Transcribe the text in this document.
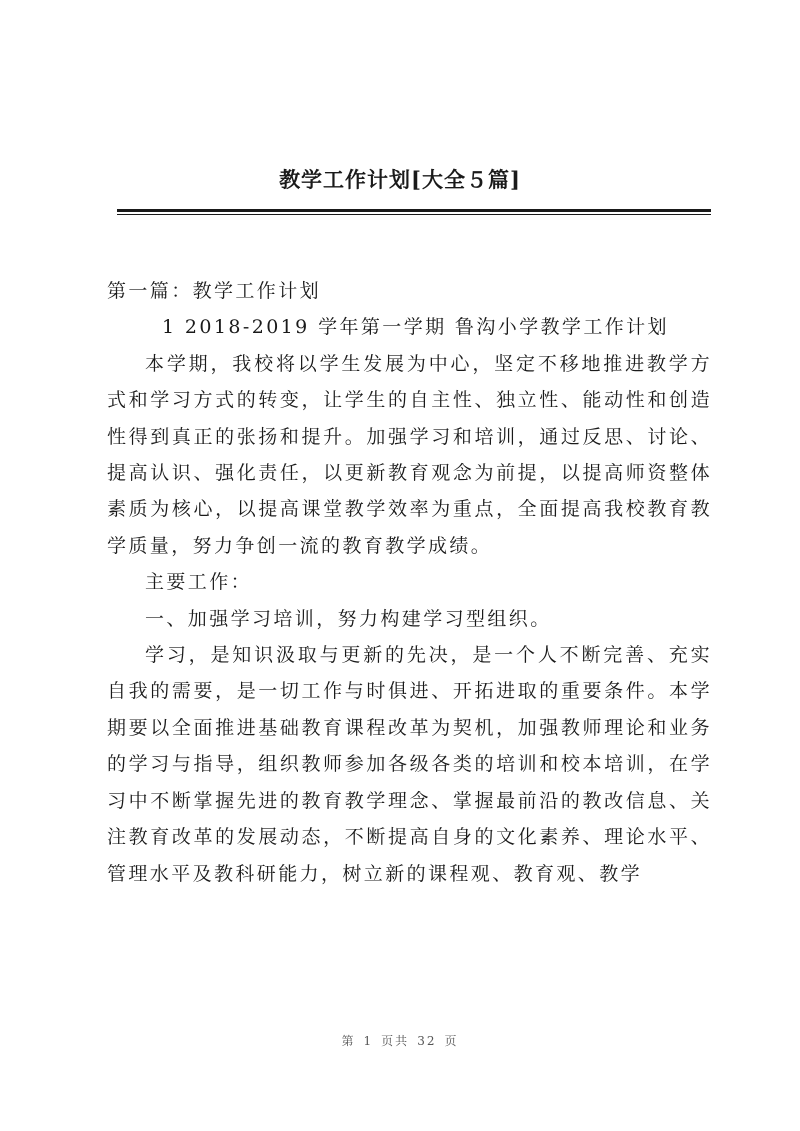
教学工作计划[大全５篇]

第一篇：教学工作计划

1 2018-2019 学年第一学期 鲁沟小学教学工作计划

本学期，我校将以学生发展为中心，坚定不移地推进教学方式和学习方式的转变，让学生的自主性、独立性、能动性和创造性得到真正的张扬和提升。加强学习和培训，通过反思、讨论、提高认识、强化责任，以更新教育观念为前提，以提高师资整体素质为核心，以提高课堂教学效率为重点，全面提高我校教育教学质量，努力争创一流的教育教学成绩。

主要工作：

一、加强学习培训，努力构建学习型组织。

学习，是知识汲取与更新的先决，是一个人不断完善、充实自我的需要，是一切工作与时俱进、开拓进取的重要条件。本学期要以全面推进基础教育课程改革为契机，加强教师理论和业务的学习与指导，组织教师参加各级各类的培训和校本培训，在学习中不断掌握先进的教育教学理念、掌握最前沿的教改信息、关注教育改革的发展动态，不断提高自身的文化素养、理论水平、管理水平及教科研能力，树立新的课程观、教育观、教学

第 1 页共 32 页
